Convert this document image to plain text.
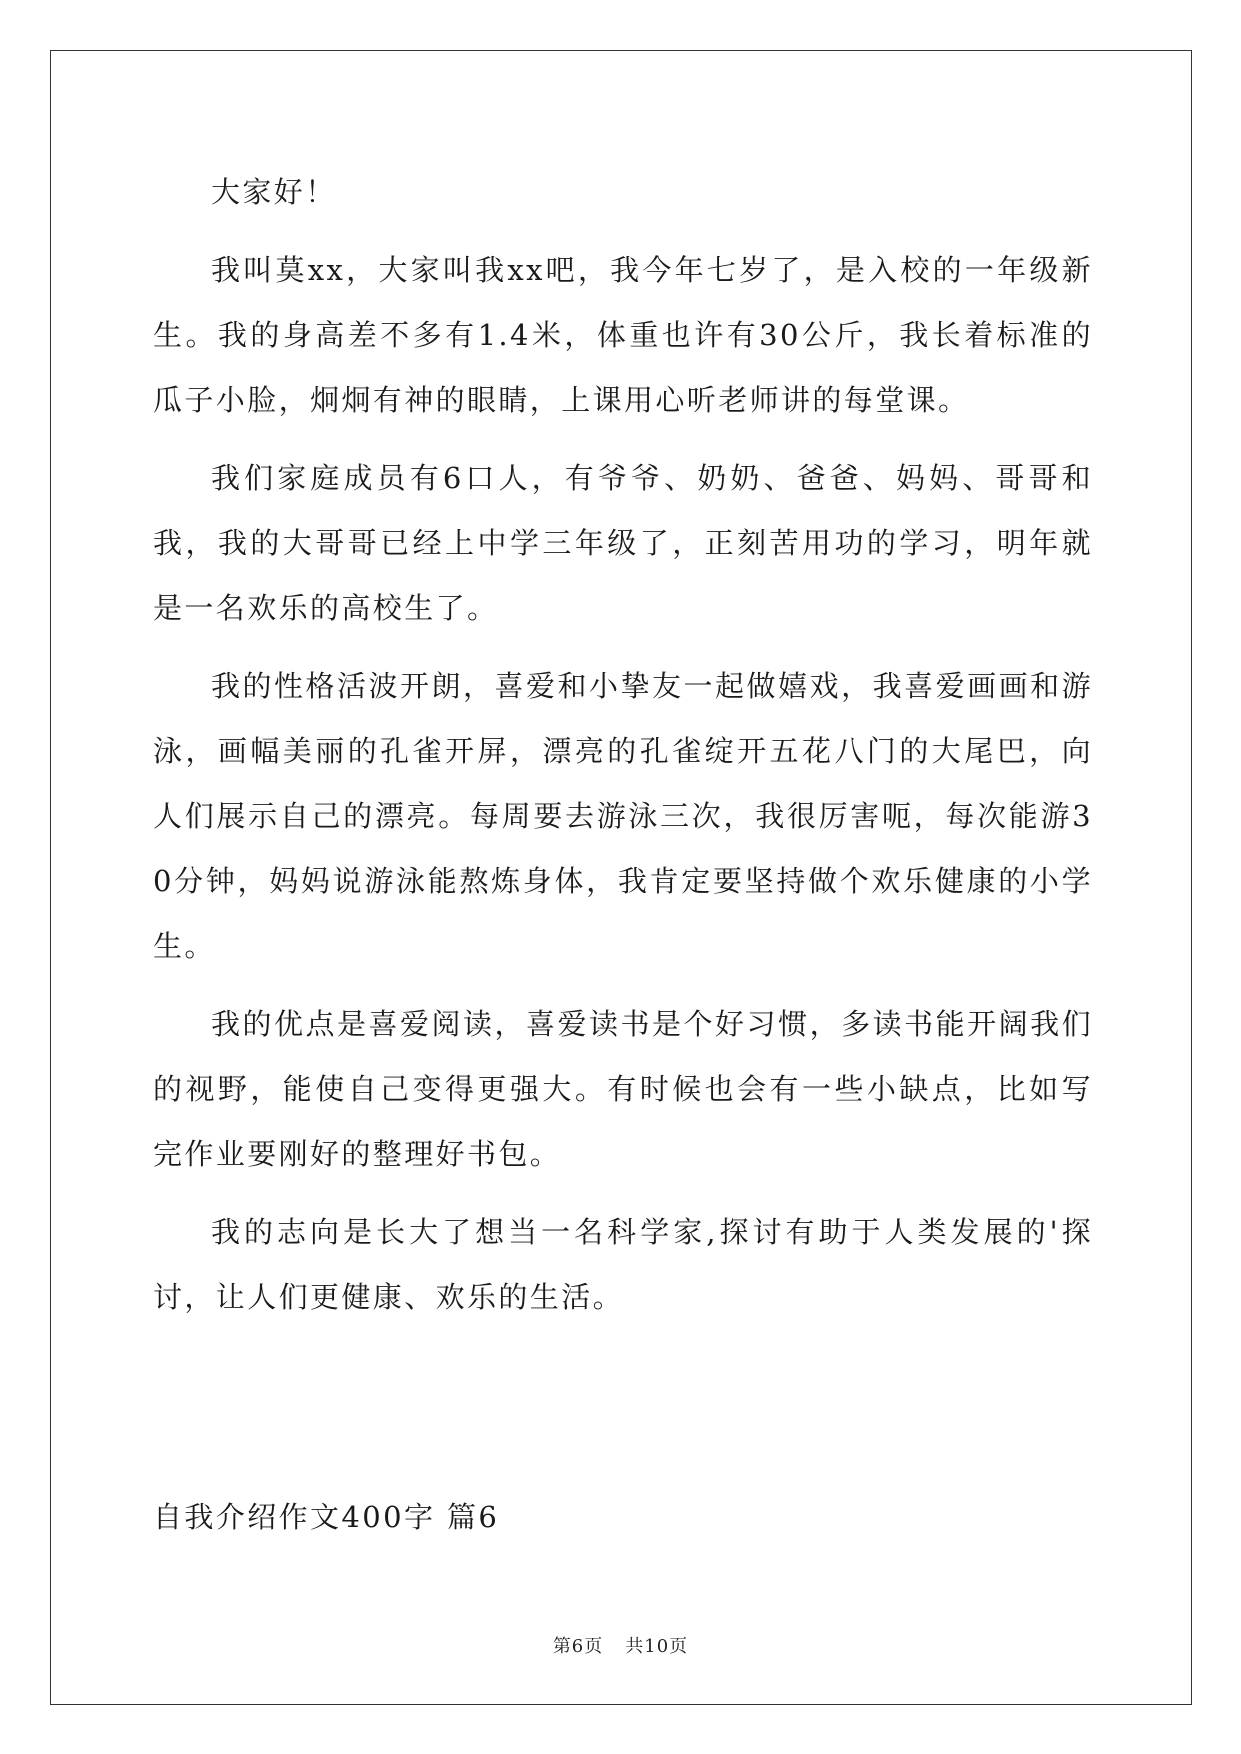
大家好！

我叫莫xx，大家叫我xx吧，我今年七岁了，是入校的一年级新生。我的身高差不多有1.4米，体重也许有30公斤，我长着标准的瓜子小脸，炯炯有神的眼睛，上课用心听老师讲的每堂课。

我们家庭成员有6口人，有爷爷、奶奶、爸爸、妈妈、哥哥和我，我的大哥哥已经上中学三年级了，正刻苦用功的学习，明年就是一名欢乐的高校生了。

我的性格活波开朗，喜爱和小挚友一起做嬉戏，我喜爱画画和游泳，画幅美丽的孔雀开屏，漂亮的孔雀绽开五花八门的大尾巴，向人们展示自己的漂亮。每周要去游泳三次，我很厉害呃，每次能游30分钟，妈妈说游泳能熬炼身体，我肯定要坚持做个欢乐健康的小学生。

我的优点是喜爱阅读，喜爱读书是个好习惯，多读书能开阔我们的视野，能使自己变得更强大。有时候也会有一些小缺点，比如写完作业要刚好的整理好书包。

我的志向是长大了想当一名科学家,探讨有助于人类发展的'探讨，让人们更健康、欢乐的生活。

自我介绍作文400字 篇6

第6页 共10页
